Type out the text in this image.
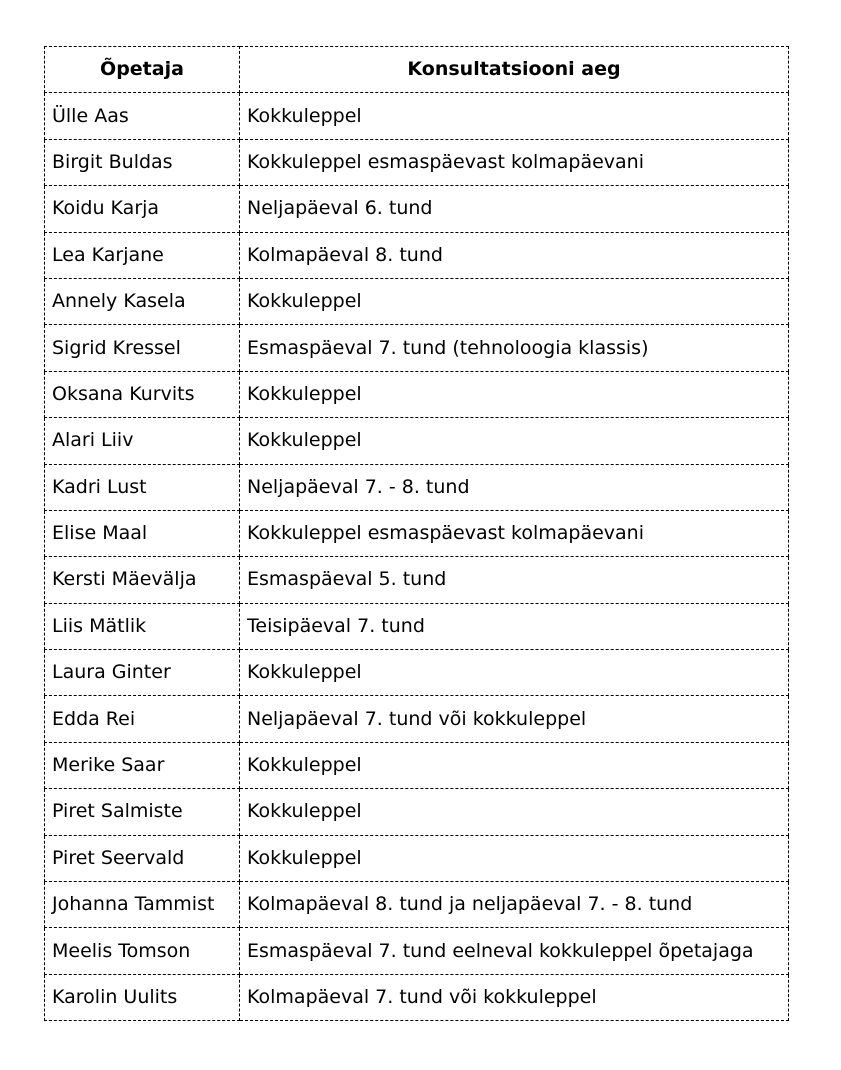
Õpetaja	Konsultatsiooni aeg
Ülle Aas	Kokkuleppel
Birgit Buldas	Kokkuleppel esmaspäevast kolmapäevani
Koidu Karja	Neljapäeval 6. tund
Lea Karjane	Kolmapäeval 8. tund
Annely Kasela	Kokkuleppel
Sigrid Kressel	Esmaspäeval 7. tund (tehnoloogia klassis)
Oksana Kurvits	Kokkuleppel
Alari Liiv	Kokkuleppel
Kadri Lust	Neljapäeval 7. - 8. tund
Elise Maal	Kokkuleppel esmaspäevast kolmapäevani
Kersti Mäevälja	Esmaspäeval 5. tund
Liis Mätlik	Teisipäeval 7. tund
Laura Ginter	Kokkuleppel
Edda Rei	Neljapäeval 7. tund või kokkuleppel
Merike Saar	Kokkuleppel
Piret Salmiste	Kokkuleppel
Piret Seervald	Kokkuleppel
Johanna Tammist	Kolmapäeval 8. tund ja neljapäeval 7. - 8. tund
Meelis Tomson	Esmaspäeval 7. tund eelneval kokkuleppel õpetajaga
Karolin Uulits	Kolmapäeval 7. tund või kokkuleppel
